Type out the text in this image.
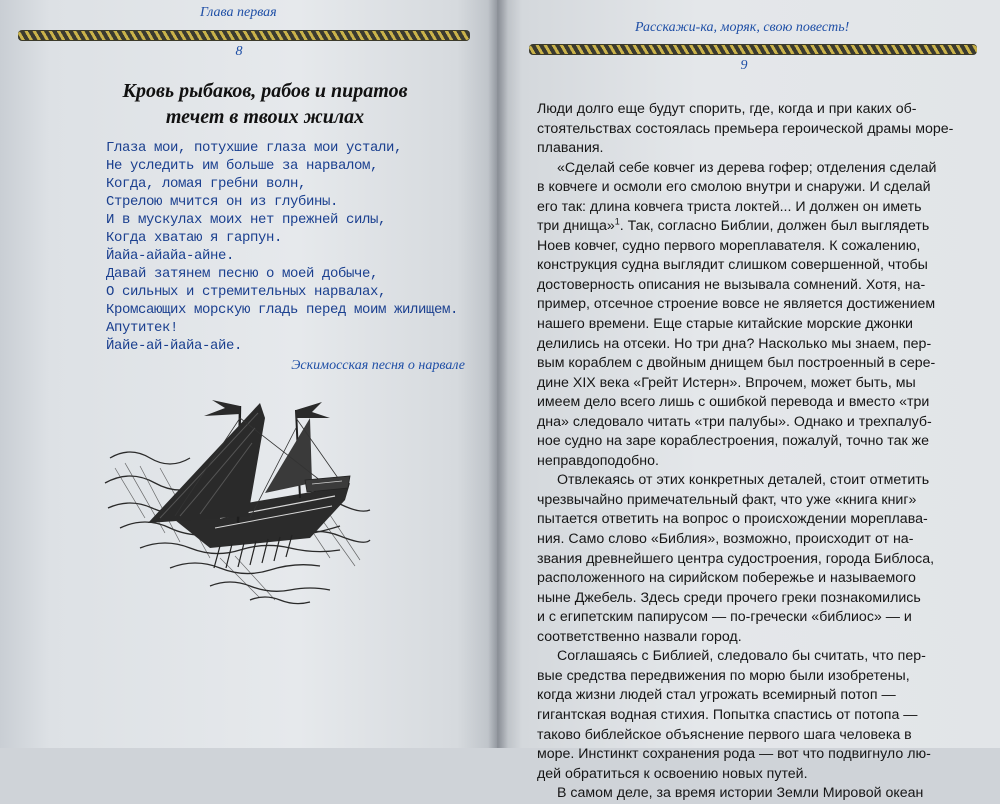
Глава первая
8
Кровь рыбаков, рабов и пиратов
течет в твоих жилах
Глаза мои, потухшие глаза мои устали,
Не уследить им больше за нарвалом,
Когда, ломая гребни волн,
Стрелою мчится он из глубины.
И в мускулах моих нет прежней силы,
Когда хватаю я гарпун.
Йайа-айайа-айне.
Давай затянем песню о моей добыче,
О сильных и стремительных нарвалах,
Кромсающих морскую гладь перед моим жилищем.
Апутитек!
Йайе-ай-йайа-айе.
Эскимосская песня о нарвале
Расскажи-ка, моряк, свою повесть!
9
Люди долго еще будут спорить, где, когда и при каких об-
стоятельствах состоялась премьера героической драмы море-
плавания.
«Сделай себе ковчег из дерева гофер; отделения сделай
в ковчеге и осмоли его смолою внутри и снаружи. И сделай
его так: длина ковчега триста локтей... И должен он иметь
три днища»$^1$. Так, согласно Библии, должен был выглядеть
Ноев ковчег, судно первого мореплавателя. К сожалению,
конструкция судна выглядит слишком совершенной, чтобы
достоверность описания не вызывала сомнений. Хотя, на-
пример, отсечное строение вовсе не является достижением
нашего времени. Еще старые китайские морские джонки
делились на отсеки. Но три дна? Насколько мы знаем, пер-
вым кораблем с двойным днищем был построенный в сере-
дине XIX века «Грейт Истерн». Впрочем, может быть, мы
имеем дело всего лишь с ошибкой перевода и вместо «три
дна» следовало читать «три палубы». Однако и трехпалуб-
ное судно на заре кораблестроения, пожалуй, точно так же
неправдоподобно.
Отвлекаясь от этих конкретных деталей, стоит отметить
чрезвычайно примечательный факт, что уже «книга книг»
пытается ответить на вопрос о происхождении мореплава-
ния. Само слово «Библия», возможно, происходит от на-
звания древнейшего центра судостроения, города Библоса,
расположенного на сирийском побережье и называемого
ныне Джебель. Здесь среди прочего греки познакомились
и с египетским папирусом — по-гречески «библиос» — и
соответственно назвали город.
Соглашаясь с Библией, следовало бы считать, что пер-
вые средства передвижения по морю были изобретены,
когда жизни людей стал угрожать всемирный потоп —
гигантская водная стихия. Попытка спастись от потопа —
таково библейское объяснение первого шага человека в
море. Инстинкт сохранения рода — вот что подвигнуло лю-
дей обратиться к освоению новых путей.
В самом деле, за время истории Земли Мировой океан
